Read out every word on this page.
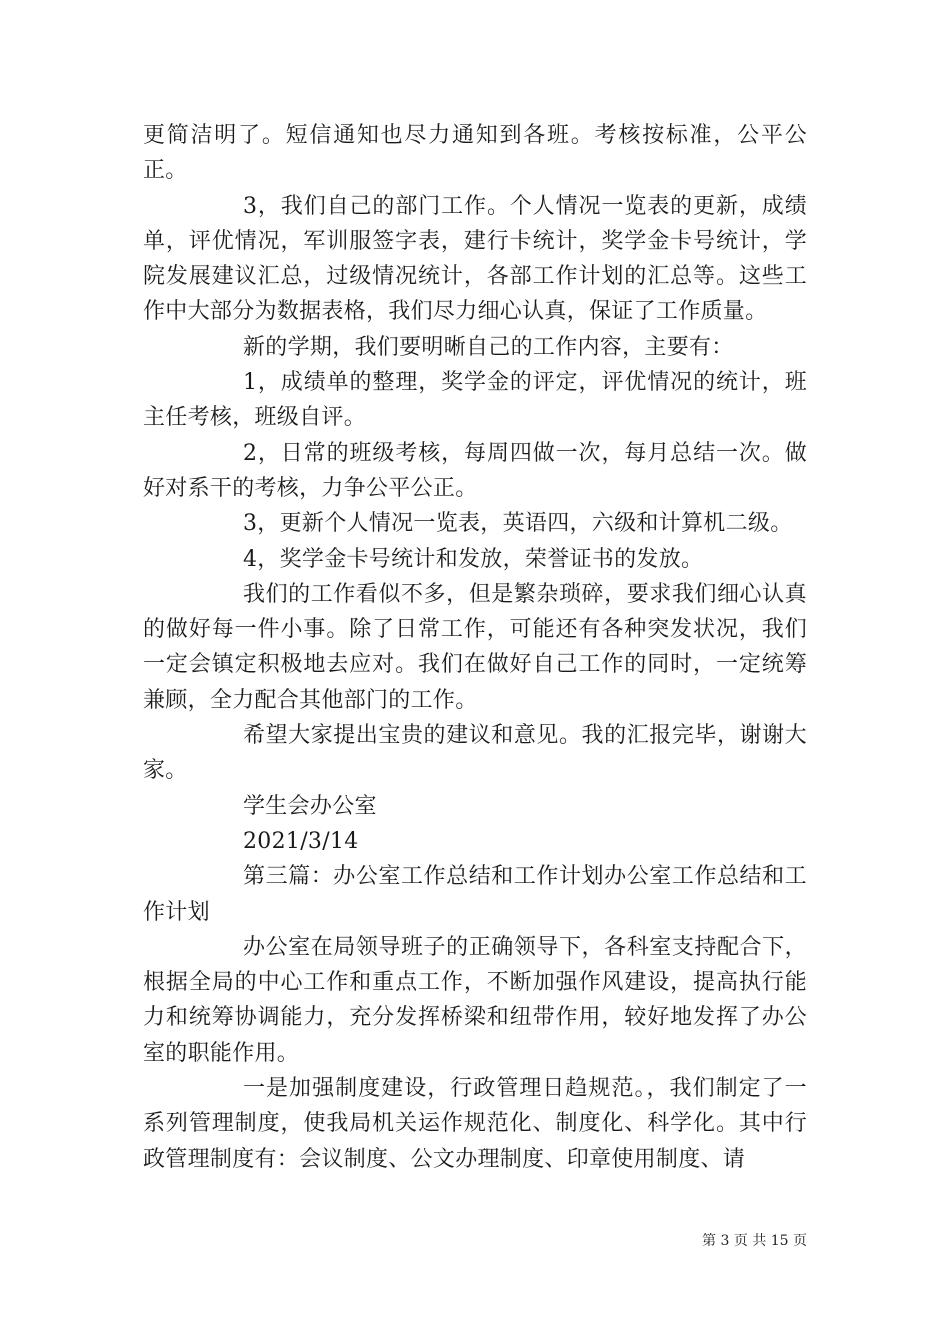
更简洁明了。短信通知也尽力通知到各班。考核按标准，公平公正。

3，我们自己的部门工作。个人情况一览表的更新，成绩单，评优情况，军训服签字表，建行卡统计，奖学金卡号统计，学院发展建议汇总，过级情况统计，各部工作计划的汇总等。这些工作中大部分为数据表格，我们尽力细心认真，保证了工作质量。

新的学期，我们要明晰自己的工作内容，主要有：

1，成绩单的整理，奖学金的评定，评优情况的统计，班主任考核，班级自评。

2，日常的班级考核，每周四做一次，每月总结一次。做好对系干的考核，力争公平公正。

3，更新个人情况一览表，英语四，六级和计算机二级。

4，奖学金卡号统计和发放，荣誉证书的发放。

我们的工作看似不多，但是繁杂琐碎，要求我们细心认真的做好每一件小事。除了日常工作，可能还有各种突发状况，我们一定会镇定积极地去应对。我们在做好自己工作的同时，一定统筹兼顾，全力配合其他部门的工作。

希望大家提出宝贵的建议和意见。我的汇报完毕，谢谢大家。

学生会办公室

2021/3/14

第三篇：办公室工作总结和工作计划办公室工作总结和工作计划

办公室在局领导班子的正确领导下，各科室支持配合下，根据全局的中心工作和重点工作，不断加强作风建设，提高执行能力和统筹协调能力，充分发挥桥梁和纽带作用，较好地发挥了办公室的职能作用。

一是加强制度建设，行政管理日趋规范。，我们制定了一系列管理制度，使我局机关运作规范化、制度化、科学化。其中行政管理制度有：会议制度、公文办理制度、印章使用制度、请

第 3 页 共 15 页
